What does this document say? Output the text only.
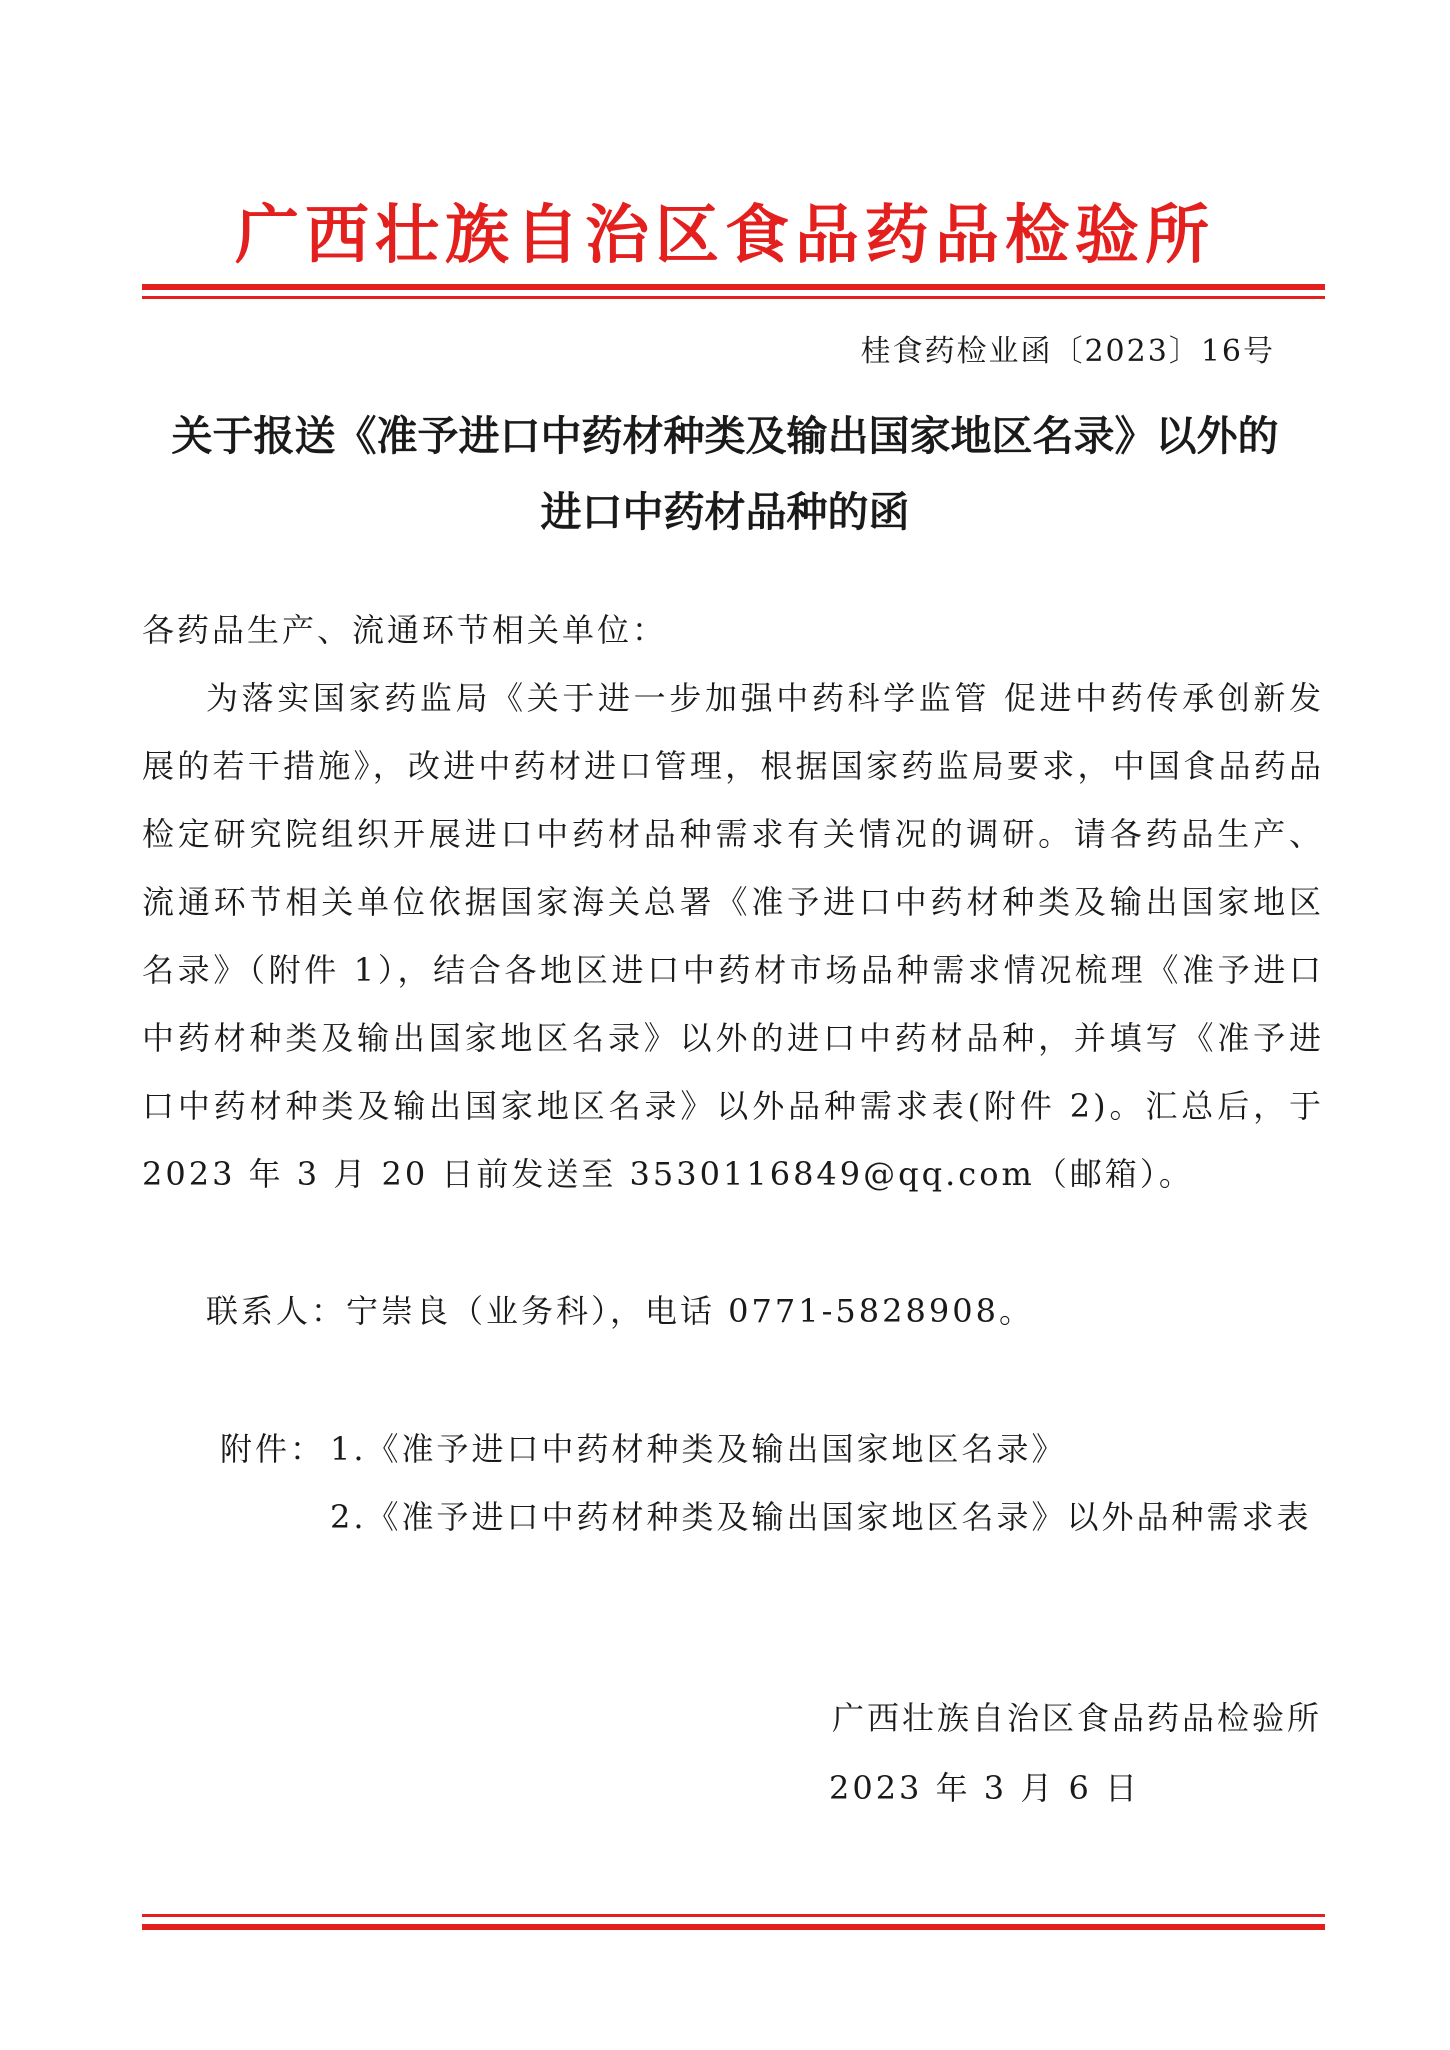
广西壮族自治区食品药品检验所
桂食药检业函〔2023〕16号
关于报送《准予进口中药材种类及输出国家地区名录》以外的
进口中药材品种的函
各药品生产、流通环节相关单位：
为落实国家药监局《关于进一步加强中药科学监管 促进中药传承创新发展的若干措施》，改进中药材进口管理，根据国家药监局要求，中国食品药品检定研究院组织开展进口中药材品种需求有关情况的调研。请各药品生产、流通环节相关单位依据国家海关总署《准予进口中药材种类及输出国家地区名录》（附件 1），结合各地区进口中药材市场品种需求情况梳理《准予进口中药材种类及输出国家地区名录》以外的进口中药材品种，并填写《准予进口中药材种类及输出国家地区名录》以外品种需求表(附件 2)。汇总后，于 2023 年 3 月 20 日前发送至 3530116849@qq.com（邮箱）。
联系人：宁崇良（业务科），电话 0771-5828908。
附件： 1.《准予进口中药材种类及输出国家地区名录》
2.《准予进口中药材种类及输出国家地区名录》以外品种需求表
广西壮族自治区食品药品检验所
2023 年 3 月 6 日
